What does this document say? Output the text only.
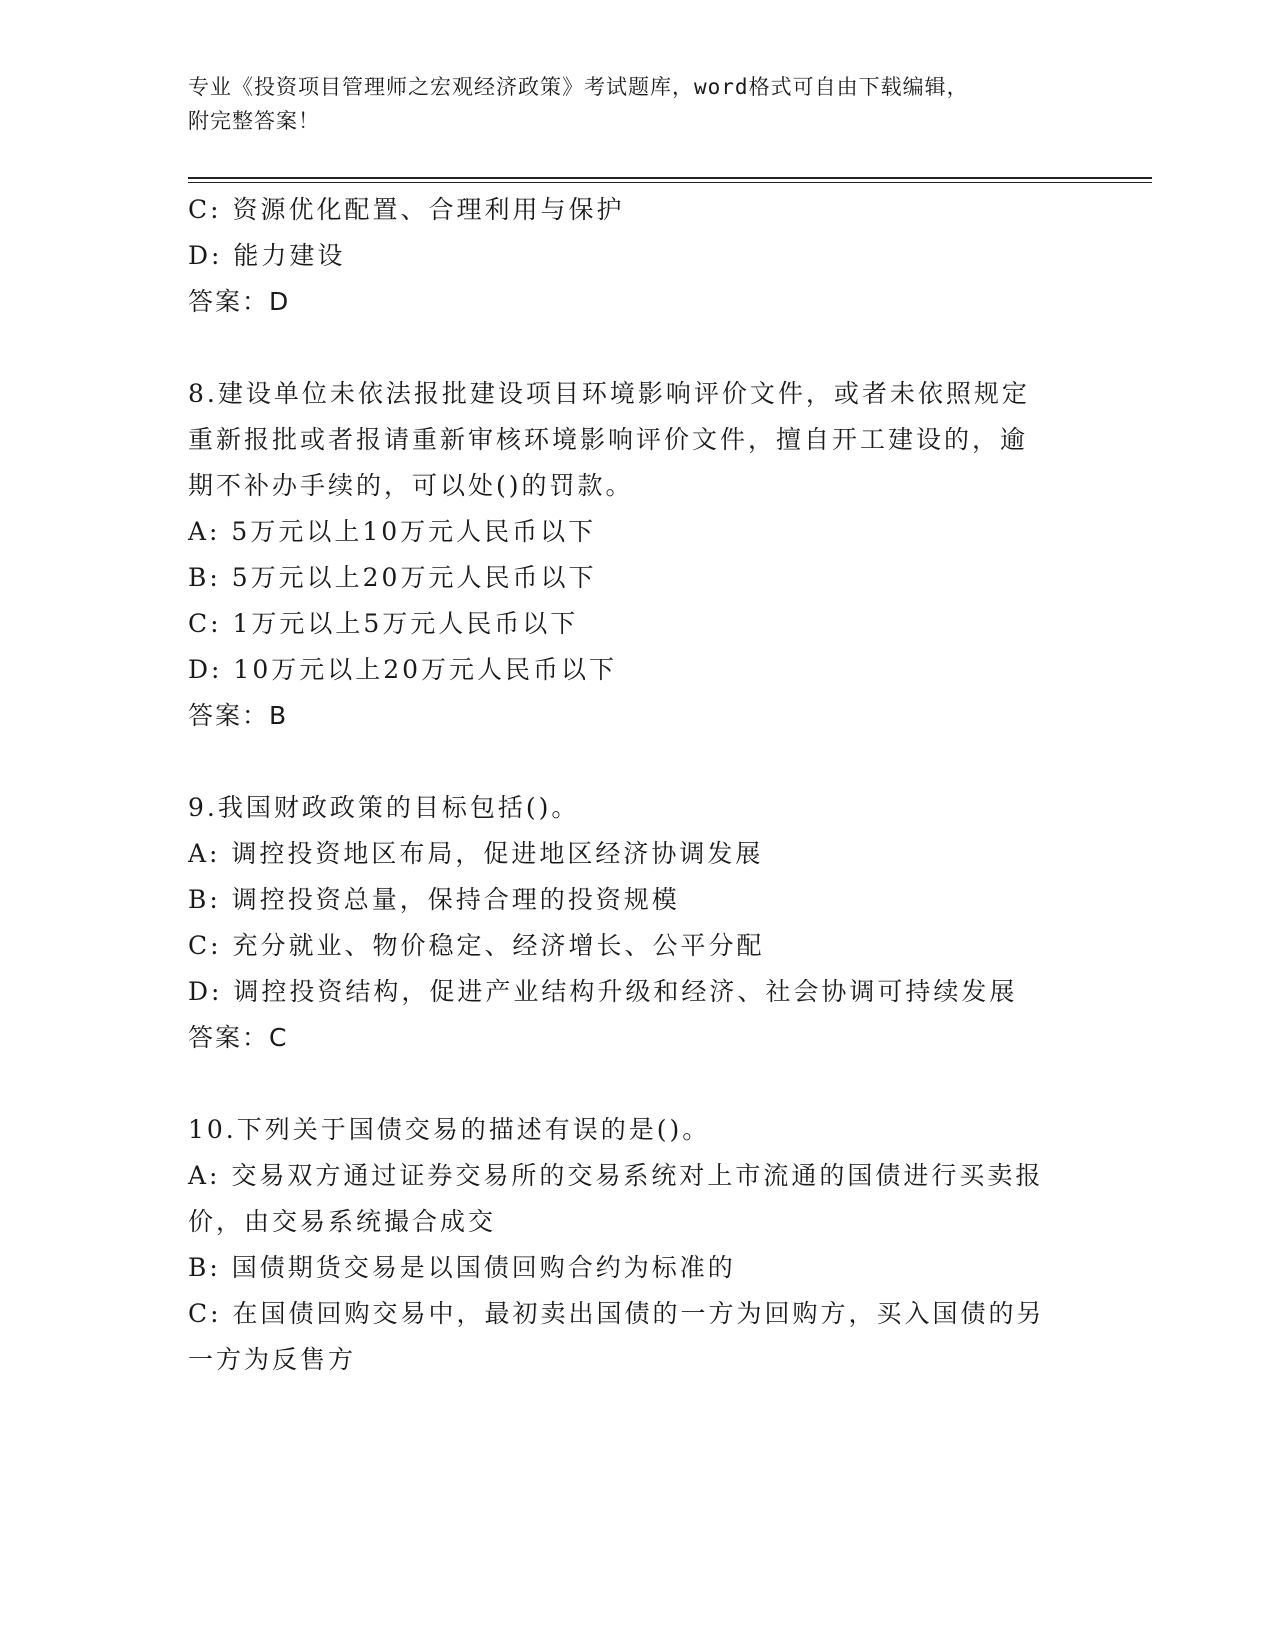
专业《投资项目管理师之宏观经济政策》考试题库，word格式可自由下载编辑，
附完整答案！
C: 资源优化配置、合理利用与保护
D: 能力建设
答案：D
8.建设单位未依法报批建设项目环境影响评价文件，或者未依照规定
重新报批或者报请重新审核环境影响评价文件，擅自开工建设的，逾
期不补办手续的，可以处()的罚款。
A: 5万元以上10万元人民币以下
B: 5万元以上20万元人民币以下
C: 1万元以上5万元人民币以下
D: 10万元以上20万元人民币以下
答案：B
9.我国财政政策的目标包括()。
A: 调控投资地区布局，促进地区经济协调发展
B: 调控投资总量，保持合理的投资规模
C: 充分就业、物价稳定、经济增长、公平分配
D: 调控投资结构，促进产业结构升级和经济、社会协调可持续发展
答案：C
10.下列关于国债交易的描述有误的是()。
A: 交易双方通过证券交易所的交易系统对上市流通的国债进行买卖报
价，由交易系统撮合成交
B: 国债期货交易是以国债回购合约为标准的
C: 在国债回购交易中，最初卖出国债的一方为回购方，买入国债的另
一方为反售方
